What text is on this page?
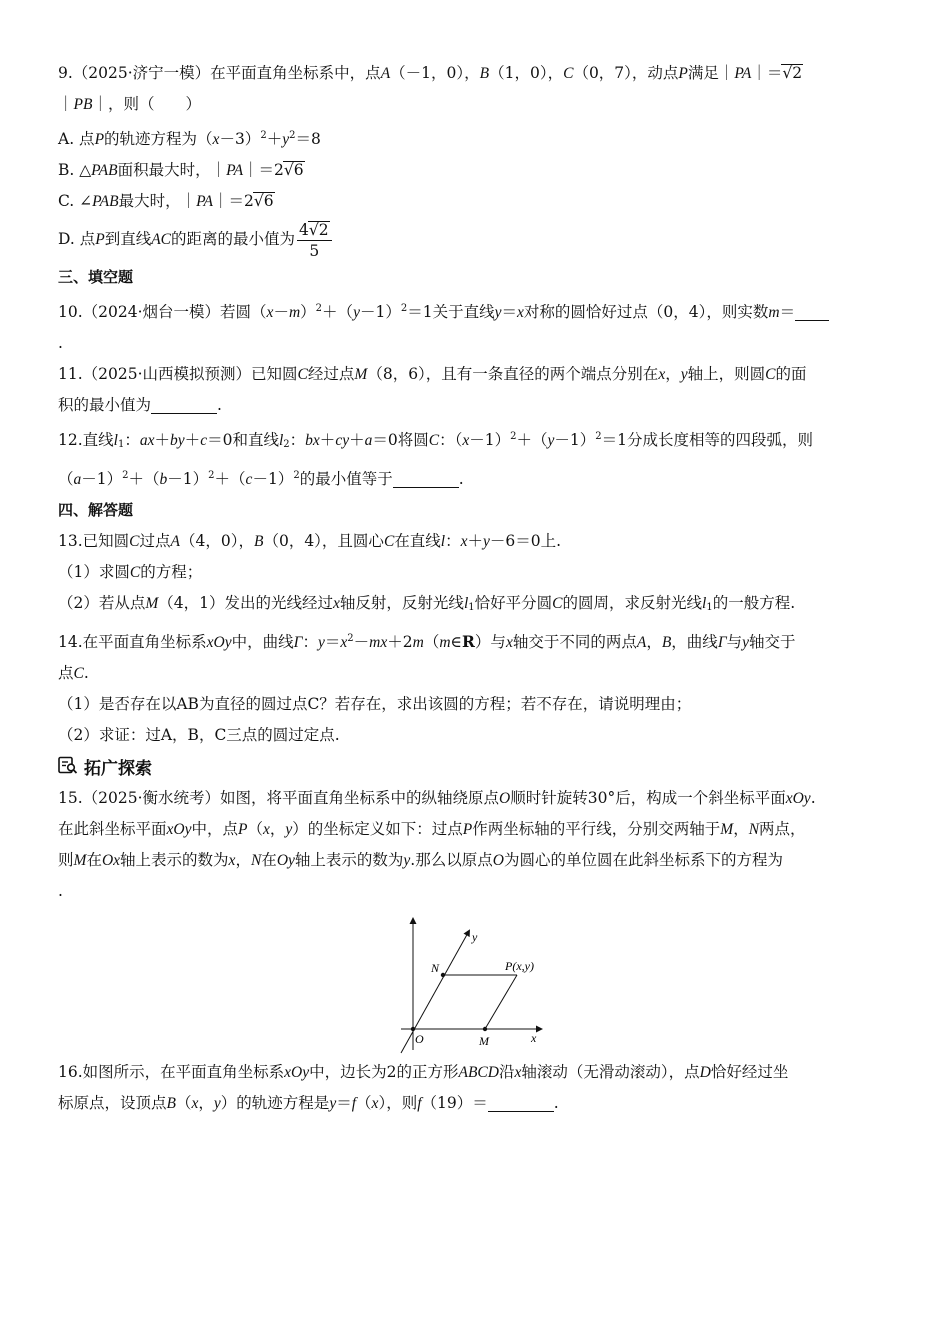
9.（2025·济宁一模）在平面直角坐标系中，点A（－1，0），B（1，0），C（0，7），动点P满足｜PA｜＝√2
｜PB｜，则（　　）
A. 点P的轨迹方程为$(x-3)^2+y^2=8$
B. △PAB面积最大时，｜PA｜＝2√6
C. ∠PAB最大时，｜PA｜＝2√6
D. 点P到直线AC的距离的最小值为 $\frac{4√2}{5}$
三、填空题
10.（2024·烟台一模）若圆$(x-m)^2+(y-1)^2=1$关于直线y＝x对称的圆恰好过点（0，4），则实数m＝
.
11.（2025·山西模拟预测）已知圆C经过点M（8，6），且有一条直径的两个端点分别在x，y轴上，则圆C的面
积的最小值为	.
12.直线$l_1$：ax＋by＋c＝0和直线$l_2$：bx＋cy＋a＝0将圆C：$(x-1)^2+(y-1)^2=1$分成长度相等的四段弧，则
$(a-1)^2+(b-1)^2+(c-1)^2$的最小值等于	.
四、解答题
13.已知圆C过点A（4，0），B（0，4），且圆心C在直线l：x＋y－6＝0上.
（1）求圆C的方程；
（2）若从点M（4，1）发出的光线经过x轴反射，反射光线$l_1$恰好平分圆C的圆周，求反射光线$l_1$的一般方程.
14.在平面直角坐标系xOy中，曲线Γ：$y=x^2-mx+2m(m\in R)$与x轴交于不同的两点A，B，曲线Γ与y轴交于
点C.
（1）是否存在以AB为直径的圆过点C？若存在，求出该圆的方程；若不存在，请说明理由；
（2）求证：过A，B，C三点的圆过定点.
拓广探索
15.（2025·衡水统考）如图，将平面直角坐标系中的纵轴绕原点O顺时针旋转30°后，构成一个斜坐标平面xOy.
在此斜坐标平面xOy中，点P（x，y）的坐标定义如下：过点P作两坐标轴的平行线，分别交两轴于M，N两点，
则M在Ox轴上表示的数为x，N在Oy轴上表示的数为y.那么以原点O为圆心的单位圆在此斜坐标系下的方程为
.
y
x
O	M
N	P(x,y)
16.如图所示，在平面直角坐标系xOy中，边长为2的正方形ABCD沿x轴滚动（无滑动滚动），点D恰好经过坐
标原点，设顶点B（x，y）的轨迹方程是y＝f（x），则f（19）＝	.
